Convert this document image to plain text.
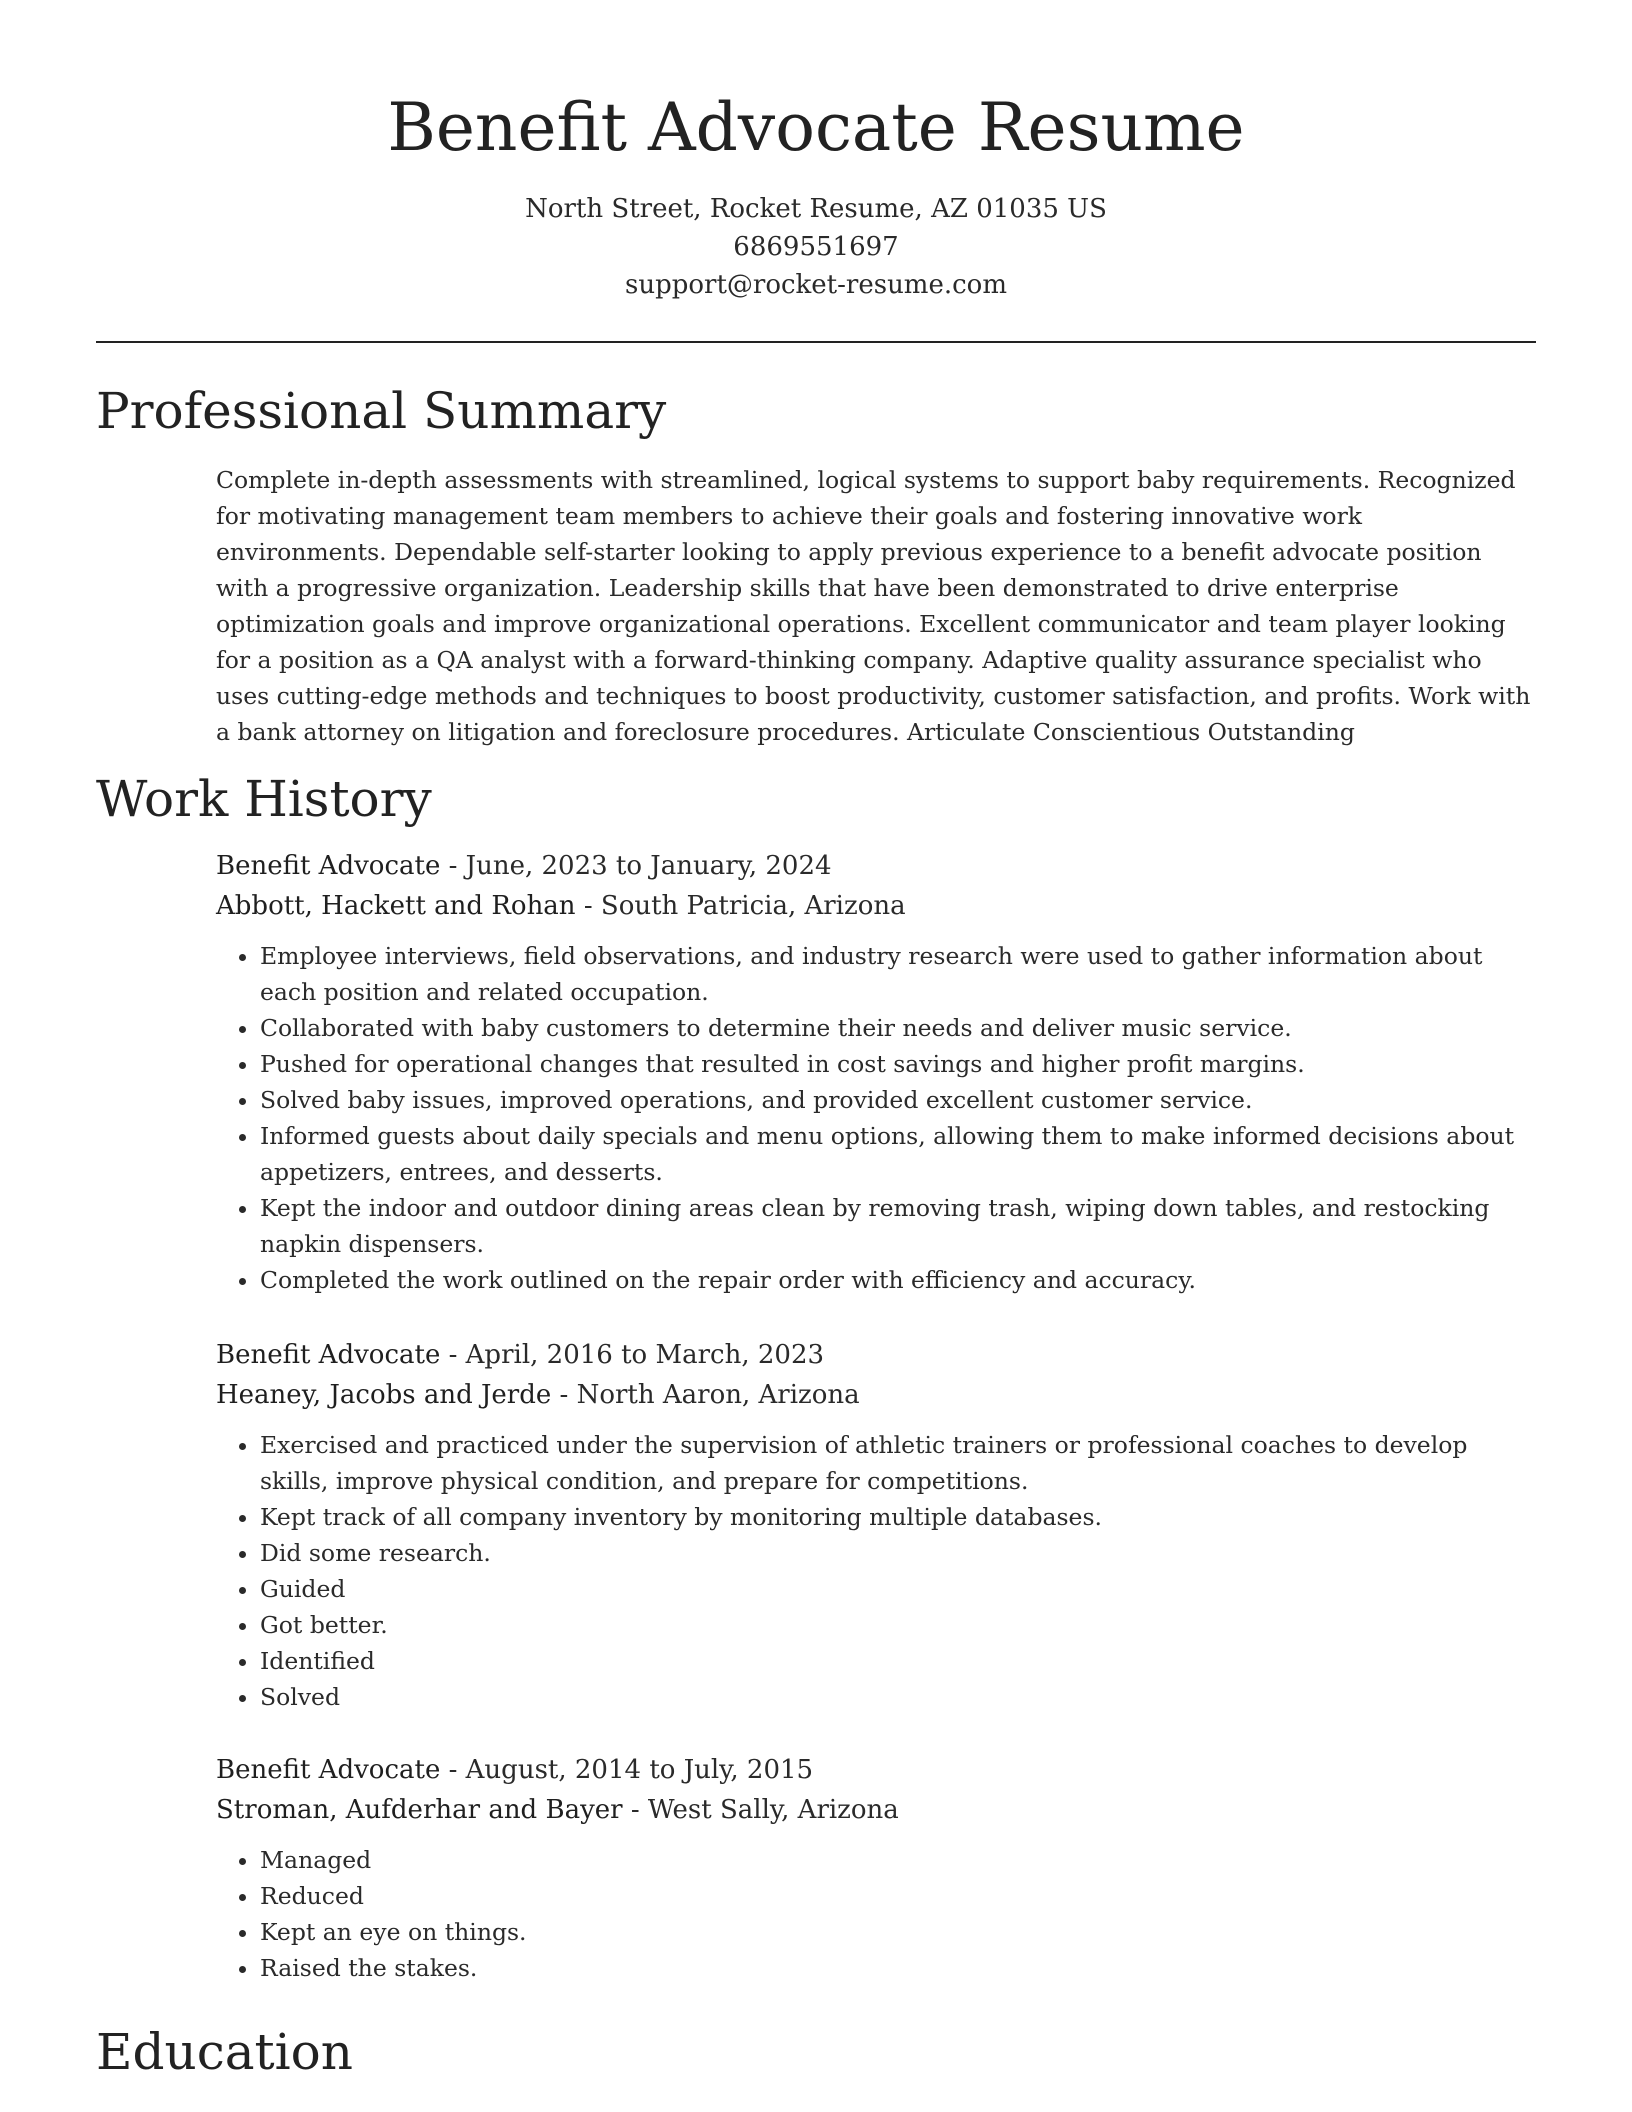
Benefit Advocate Resume
North Street, Rocket Resume, AZ 01035 US
6869551697
support@rocket-resume.com
Professional Summary

Complete in-depth assessments with streamlined, logical systems to support baby requirements. Recognized for motivating management team members to achieve their goals and fostering innovative work environments. Dependable self-starter looking to apply previous experience to a benefit advocate position with a progressive organization. Leadership skills that have been demonstrated to drive enterprise optimization goals and improve organizational operations. Excellent communicator and team player looking for a position as a QA analyst with a forward-thinking company. Adaptive quality assurance specialist who uses cutting-edge methods and techniques to boost productivity, customer satisfaction, and profits. Work with a bank attorney on litigation and foreclosure procedures. Articulate Conscientious Outstanding

Work History
Benefit Advocate - June, 2023 to January, 2024
Abbott, Hackett and Rohan - South Patricia, Arizona
• Employee interviews, field observations, and industry research were used to gather information about each position and related occupation.
• Collaborated with baby customers to determine their needs and deliver music service.
• Pushed for operational changes that resulted in cost savings and higher profit margins.
• Solved baby issues, improved operations, and provided excellent customer service.
• Informed guests about daily specials and menu options, allowing them to make informed decisions about appetizers, entrees, and desserts.
• Kept the indoor and outdoor dining areas clean by removing trash, wiping down tables, and restocking napkin dispensers.
• Completed the work outlined on the repair order with efficiency and accuracy.
Benefit Advocate - April, 2016 to March, 2023
Heaney, Jacobs and Jerde - North Aaron, Arizona
• Exercised and practiced under the supervision of athletic trainers or professional coaches to develop skills, improve physical condition, and prepare for competitions.
• Kept track of all company inventory by monitoring multiple databases.
• Did some research.
• Guided
• Got better.
• Identified
• Solved
Benefit Advocate - August, 2014 to July, 2015
Stroman, Aufderhar and Bayer - West Sally, Arizona
• Managed
• Reduced
• Kept an eye on things.
• Raised the stakes.
Education
